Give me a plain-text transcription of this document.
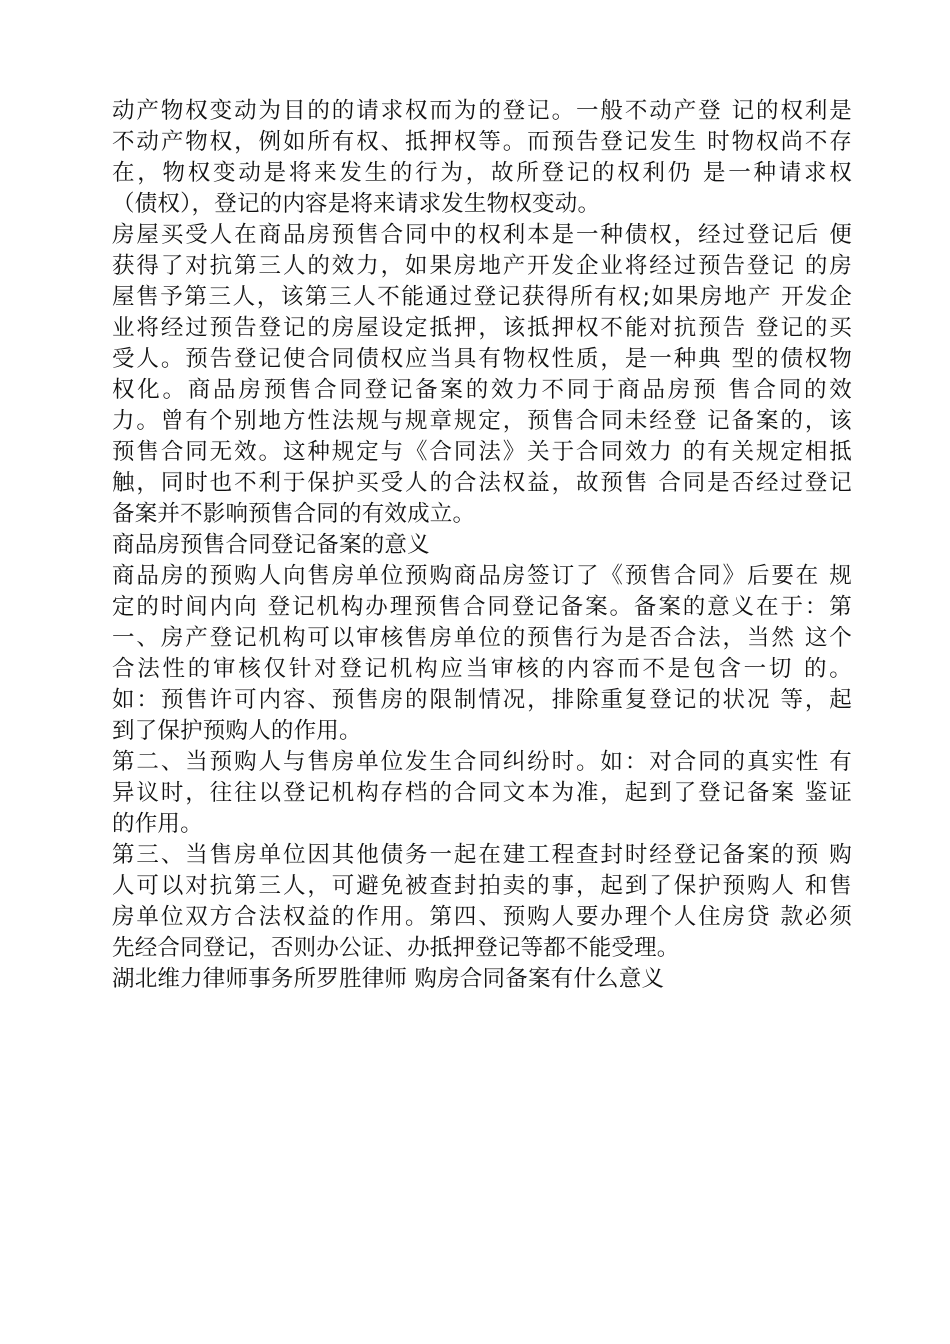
动产物权变动为目的的请求权而为的登记。一般不动产登 记的权利是
不动产物权，例如所有权、抵押权等。而预告登记发生 时物权尚不存
在，物权变动是将来发生的行为，故所登记的权利仍 是一种请求权
（债权），登记的内容是将来请求发生物权变动。
房屋买受人在商品房预售合同中的权利本是一种债权，经过登记后 便
获得了对抗第三人的效力，如果房地产开发企业将经过预告登记 的房
屋售予第三人，该第三人不能通过登记获得所有权;如果房地产 开发企
业将经过预告登记的房屋设定抵押，该抵押权不能对抗预告 登记的买
受人。预告登记使合同债权应当具有物权性质，是一种典 型的债权物
权化。商品房预售合同登记备案的效力不同于商品房预 售合同的效
力。曾有个别地方性法规与规章规定，预售合同未经登 记备案的，该
预售合同无效。这种规定与《合同法》关于合同效力 的有关规定相抵
触，同时也不利于保护买受人的合法权益，故预售 合同是否经过登记
备案并不影响预售合同的有效成立。
商品房预售合同登记备案的意义
商品房的预购人向售房单位预购商品房签订了《预售合同》后要在 规
定的时间内向 登记机构办理预售合同登记备案。备案的意义在于：第
一、房产登记机构可以审核售房单位的预售行为是否合法，当然 这个
合法性的审核仅针对登记机构应当审核的内容而不是包含一切 的。
如：预售许可内容、预售房的限制情况，排除重复登记的状况 等，起
到了保护预购人的作用。
第二、当预购人与售房单位发生合同纠纷时。如：对合同的真实性 有
异议时，往往以登记机构存档的合同文本为准，起到了登记备案 鉴证
的作用。
第三、当售房单位因其他债务一起在建工程查封时经登记备案的预 购
人可以对抗第三人，可避免被查封拍卖的事，起到了保护预购人 和售
房单位双方合法权益的作用。第四、预购人要办理个人住房贷 款必须
先经合同登记，否则办公证、办抵押登记等都不能受理。
湖北维力律师事务所罗胜律师 购房合同备案有什么意义
